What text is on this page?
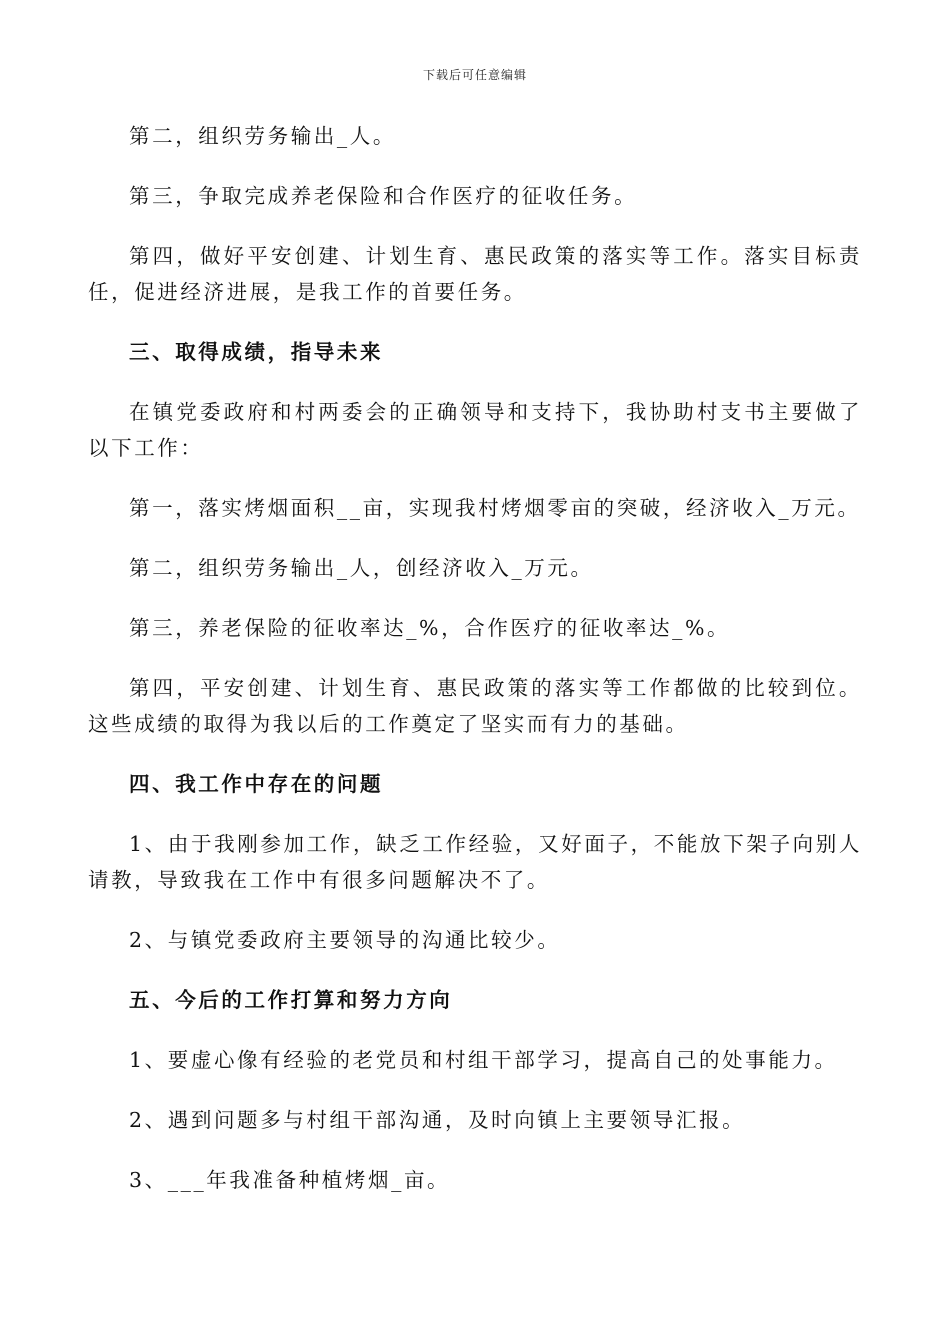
下载后可任意编辑

第二，组织劳务输出_人。

第三，争取完成养老保险和合作医疗的征收任务。

第四，做好平安创建、计划生育、惠民政策的落实等工作。落实目标责任，促进经济进展，是我工作的首要任务。

三、取得成绩，指导未来

在镇党委政府和村两委会的正确领导和支持下，我协助村支书主要做了以下工作：

第一，落实烤烟面积__亩，实现我村烤烟零亩的突破，经济收入_万元。

第二，组织劳务输出_人，创经济收入_万元。

第三，养老保险的征收率达_%，合作医疗的征收率达_%。

第四，平安创建、计划生育、惠民政策的落实等工作都做的比较到位。这些成绩的取得为我以后的工作奠定了坚实而有力的基础。

四、我工作中存在的问题

1、由于我刚参加工作，缺乏工作经验，又好面子，不能放下架子向别人请教，导致我在工作中有很多问题解决不了。

2、与镇党委政府主要领导的沟通比较少。

五、今后的工作打算和努力方向

1、要虚心像有经验的老党员和村组干部学习，提高自己的处事能力。

2、遇到问题多与村组干部沟通，及时向镇上主要领导汇报。

3、___年我准备种植烤烟_亩。
